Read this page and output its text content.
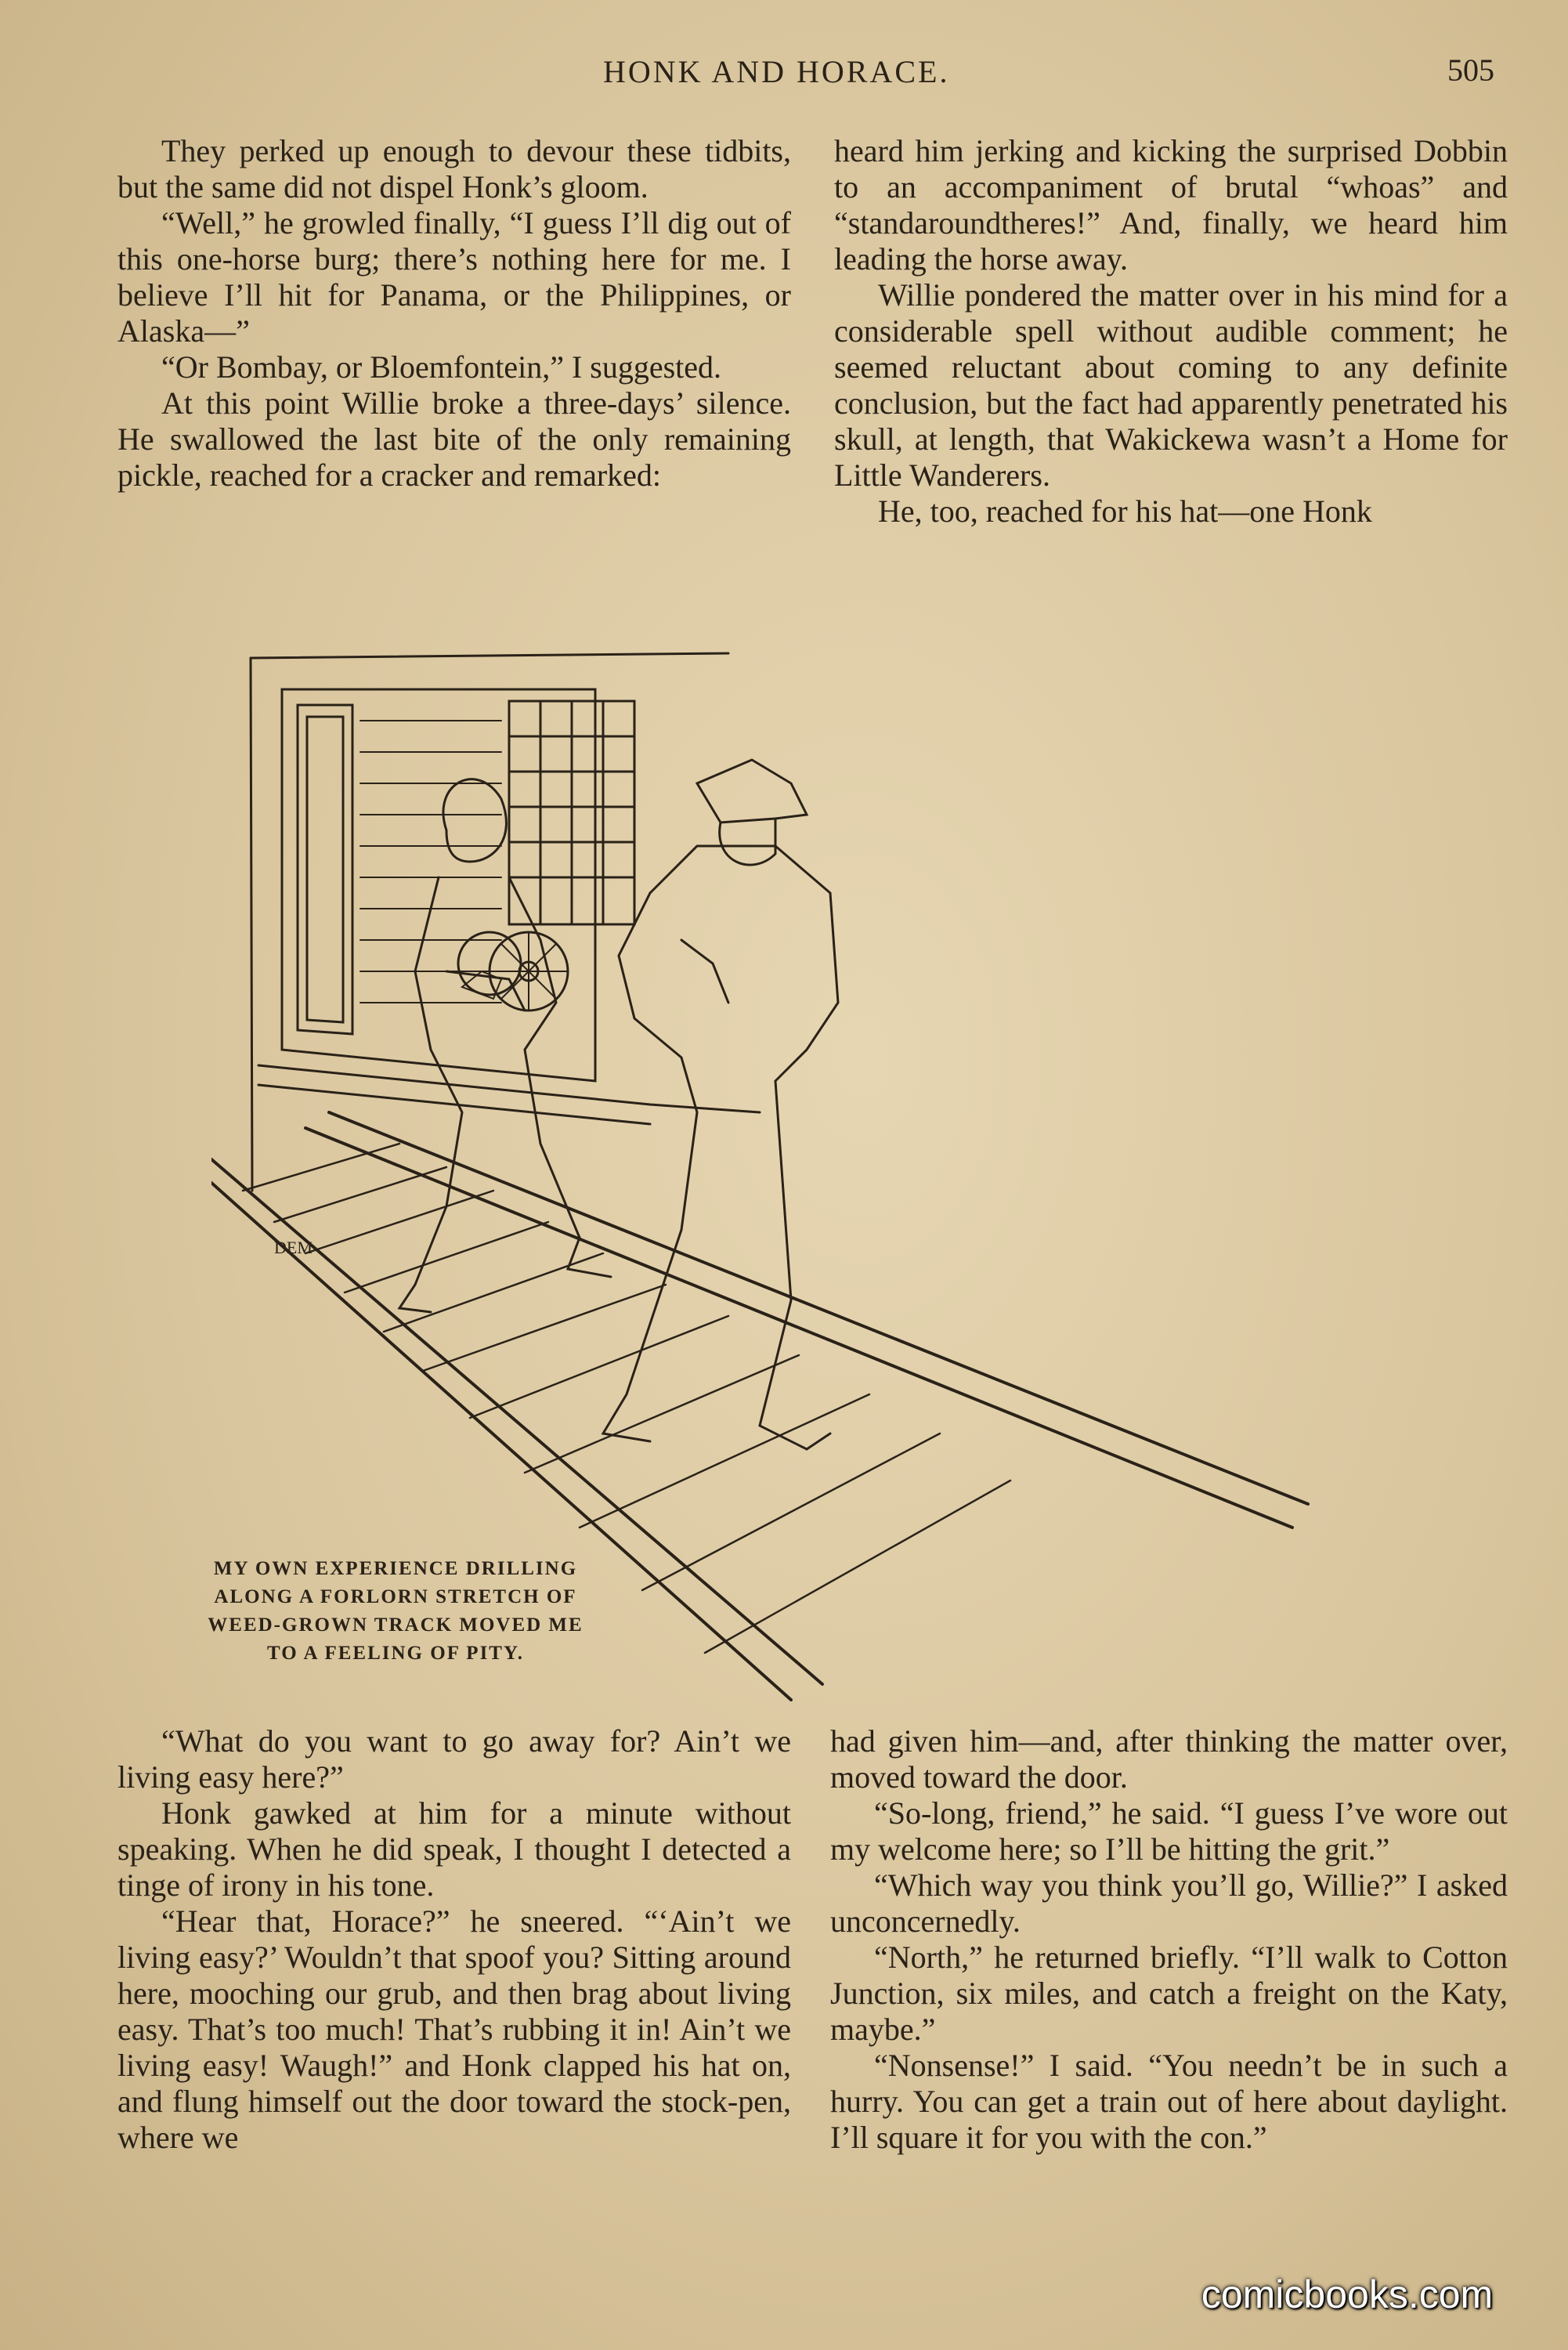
HONK AND HORACE.	505

They perked up enough to devour these tidbits, but the same did not dispel Honk’s gloom.

“Well,” he growled finally, “I guess I’ll dig out of this one-horse burg; there’s nothing here for me. I believe I’ll hit for Panama, or the Philippines, or Alaska—”

“Or Bombay, or Bloemfontein,” I suggested.

At this point Willie broke a three-days’ silence. He swallowed the last bite of the only remaining pickle, reached for a cracker and remarked:

heard him jerking and kicking the surprised Dobbin to an accompaniment of brutal “whoas” and “standaroundtheres!” And, finally, we heard him leading the horse away.

Willie pondered the matter over in his mind for a considerable spell without audible comment; he seemed reluctant about coming to any definite conclusion, but the fact had apparently penetrated his skull, at length, that Wakickewa wasn’t a Home for Little Wanderers.

He, too, reached for his hat—one Honk

DEM
MY OWN EXPERIENCE DRILLING ALONG A FORLORN STRETCH OF WEED-GROWN TRACK MOVED ME TO A FEELING OF PITY.

“What do you want to go away for? Ain’t we living easy here?”

Honk gawked at him for a minute without speaking. When he did speak, I thought I detected a tinge of irony in his tone.

“Hear that, Horace?” he sneered. “‘Ain’t we living easy?’ Wouldn’t that spoof you? Sitting around here, mooching our grub, and then brag about living easy. That’s too much! That’s rubbing it in! Ain’t we living easy! Waugh!” and Honk clapped his hat on, and flung himself out the door toward the stock-pen, where we

had given him—and, after thinking the matter over, moved toward the door.

“So-long, friend,” he said. “I guess I’ve wore out my welcome here; so I’ll be hitting the grit.”

“Which way you think you’ll go, Willie?” I asked unconcernedly.

“North,” he returned briefly. “I’ll walk to Cotton Junction, six miles, and catch a freight on the Katy, maybe.”

“Nonsense!” I said. “You needn’t be in such a hurry. You can get a train out of here about daylight. I’ll square it for you with the con.”

comicbooks.com
